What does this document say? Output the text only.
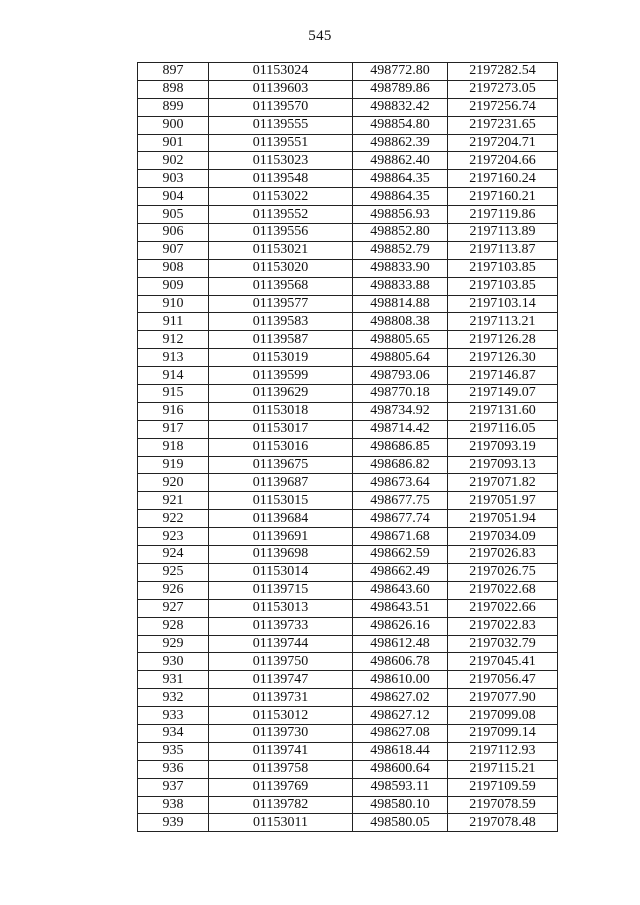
545
897	01153024	498772.80	2197282.54
898	01139603	498789.86	2197273.05
899	01139570	498832.42	2197256.74
900	01139555	498854.80	2197231.65
901	01139551	498862.39	2197204.71
902	01153023	498862.40	2197204.66
903	01139548	498864.35	2197160.24
904	01153022	498864.35	2197160.21
905	01139552	498856.93	2197119.86
906	01139556	498852.80	2197113.89
907	01153021	498852.79	2197113.87
908	01153020	498833.90	2197103.85
909	01139568	498833.88	2197103.85
910	01139577	498814.88	2197103.14
911	01139583	498808.38	2197113.21
912	01139587	498805.65	2197126.28
913	01153019	498805.64	2197126.30
914	01139599	498793.06	2197146.87
915	01139629	498770.18	2197149.07
916	01153018	498734.92	2197131.60
917	01153017	498714.42	2197116.05
918	01153016	498686.85	2197093.19
919	01139675	498686.82	2197093.13
920	01139687	498673.64	2197071.82
921	01153015	498677.75	2197051.97
922	01139684	498677.74	2197051.94
923	01139691	498671.68	2197034.09
924	01139698	498662.59	2197026.83
925	01153014	498662.49	2197026.75
926	01139715	498643.60	2197022.68
927	01153013	498643.51	2197022.66
928	01139733	498626.16	2197022.83
929	01139744	498612.48	2197032.79
930	01139750	498606.78	2197045.41
931	01139747	498610.00	2197056.47
932	01139731	498627.02	2197077.90
933	01153012	498627.12	2197099.08
934	01139730	498627.08	2197099.14
935	01139741	498618.44	2197112.93
936	01139758	498600.64	2197115.21
937	01139769	498593.11	2197109.59
938	01139782	498580.10	2197078.59
939	01153011	498580.05	2197078.48
